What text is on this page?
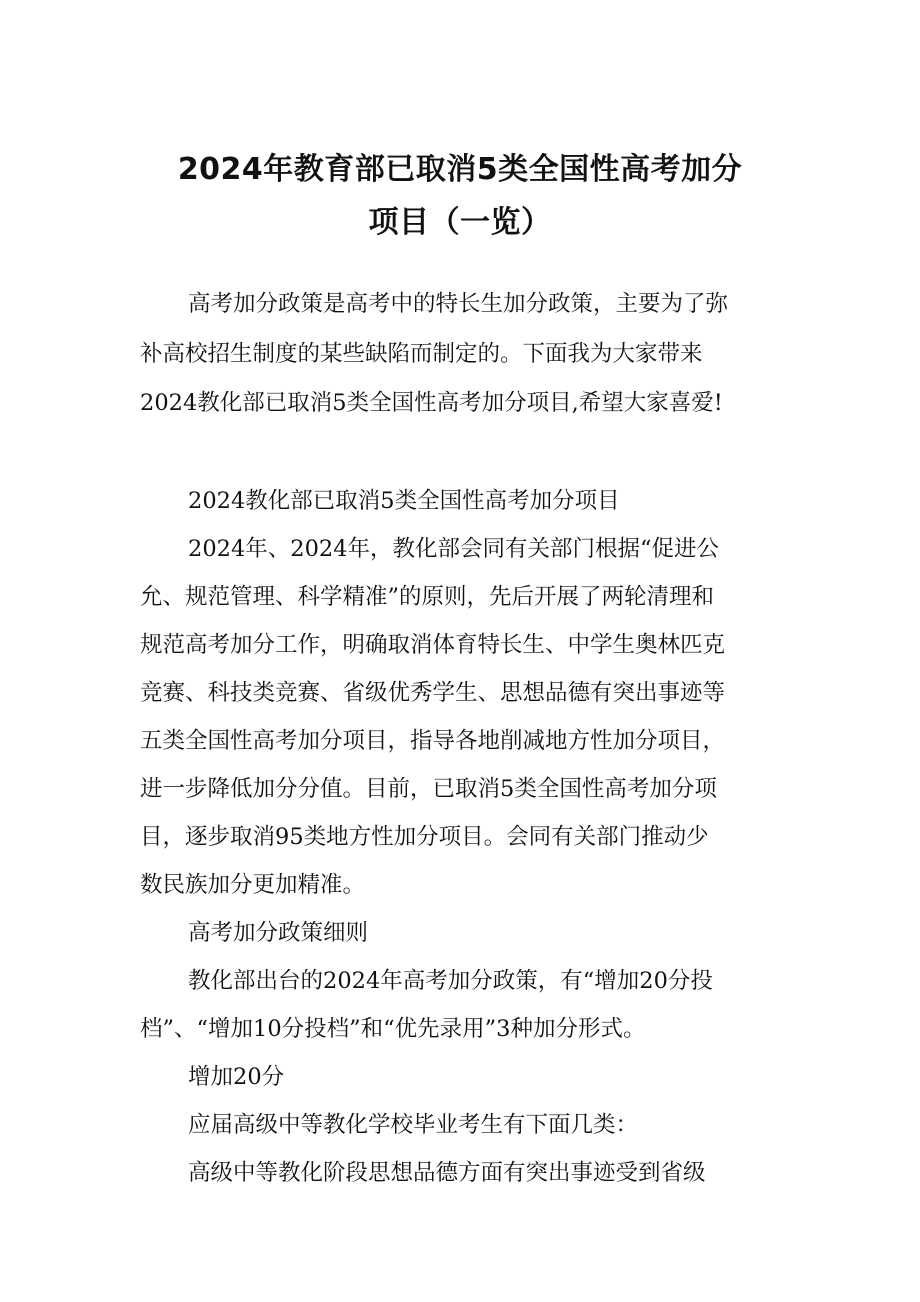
2024年教育部已取消5类全国性高考加分
项目（一览）
高考加分政策是高考中的特长生加分政策，主要为了弥
补高校招生制度的某些缺陷而制定的。下面我为大家带来
2024教化部已取消5类全国性高考加分项目,希望大家喜爱!
2024教化部已取消5类全国性高考加分项目
2024年、2024年，教化部会同有关部门根据“促进公
允、规范管理、科学精准”的原则，先后开展了两轮清理和
规范高考加分工作，明确取消体育特长生、中学生奥林匹克
竞赛、科技类竞赛、省级优秀学生、思想品德有突出事迹等
五类全国性高考加分项目，指导各地削减地方性加分项目，
进一步降低加分分值。目前，已取消5类全国性高考加分项
目，逐步取消95类地方性加分项目。会同有关部门推动少
数民族加分更加精准。
高考加分政策细则
教化部出台的2024年高考加分政策，有“增加20分投
档”、“增加10分投档”和“优先录用”3种加分形式。
增加20分
应届高级中等教化学校毕业考生有下面几类：
高级中等教化阶段思想品德方面有突出事迹受到省级
